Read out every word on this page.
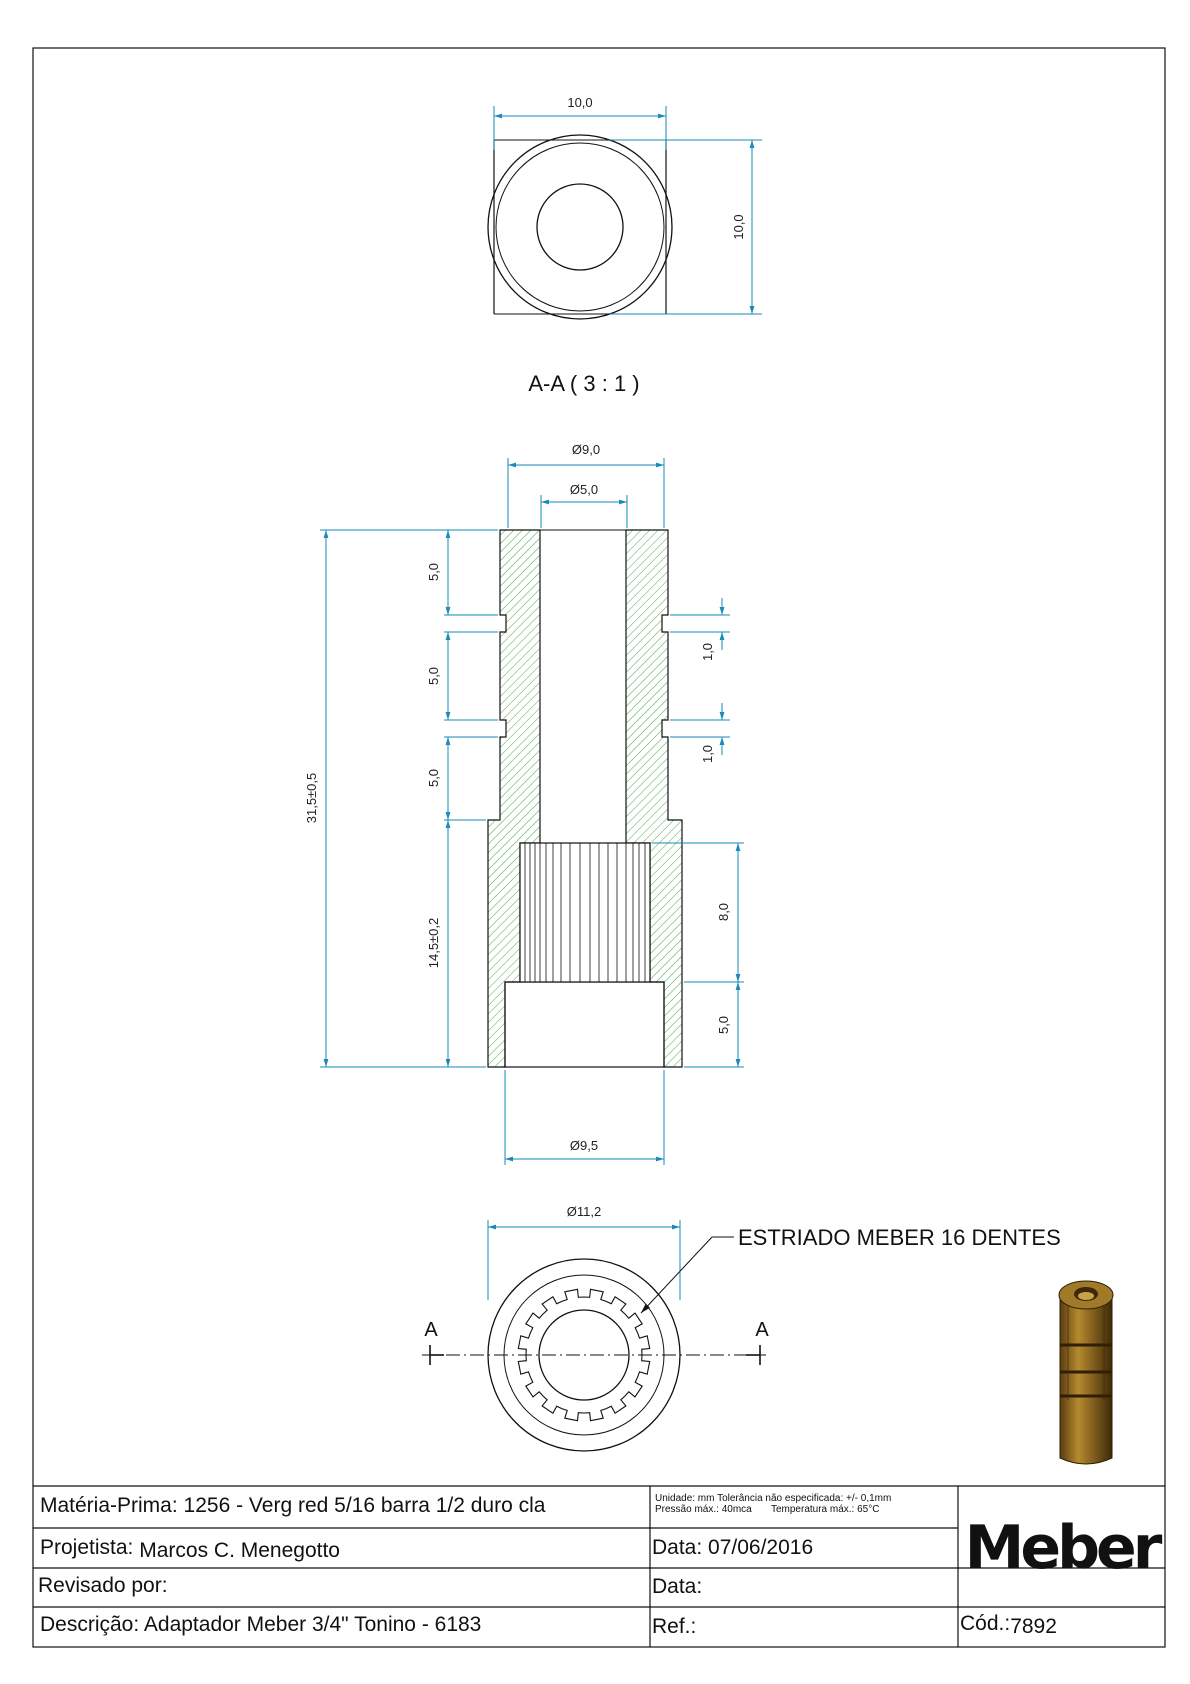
10,0
10,0
A-A ( 3 : 1 )
Ø9,0
Ø5,0
31,5±0,5
5,0
5,0
5,0
14,5±0,2
1,0
1,0
8,0
5,0
Ø9,5
A	A
Ø11,2
ESTRIADO MEBER 16 DENTES
Matéria-Prima: 1256 - Verg red 5/16 barra 1/2 duro cla	Unidade: mm Tolerância não especificada: +/- 0,1mm
Pressão máx.: 40mca       Temperatura máx.: 65°C
Projetista: Marcos C. Menegotto	Data: 07/06/2016
Revisado por:	Data:
Descrição: Adaptador Meber 3/4" Tonino - 6183	Ref.:	Cód.:7892
Meber
